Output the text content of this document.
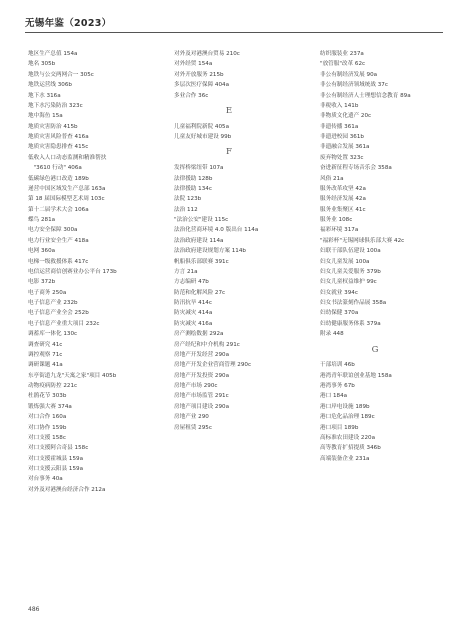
无锡年鉴（2023）
地区生产总值 154a
地名 305b
地铁与公交两网合一 305c
地铁运营线 306b
地下水 316a
地下水污染防治 323c
地中海鱼 15a
地质灾害防治 415b
地质灾害风险普查 416a
地质灾害隐患排查 415c
低收入人口动态监测和精准帮扶
　"3610 行动" 406a
低碳绿色港口改造 189b
递营中国区域发生产总部 163a
第 18 届国际模型艺术周 103c
第十二届学术大会 106a
蝶鸟 281a
电力安全保障 300a
电力行业安全生产 418a
电网 360a
电梯一级救援体系 417c
电信运营商信创赛业办公平台 173b
电影 372b
电子商务 250a
电子信息产业 232b
电子信息产业全会 252b
电子信息产业重大项目 232c
调蓄库一体化 130c
调查研究 41c
调控观察 71c
调研课题 41a
东亭街道九龙"天寓之家"项目 405b
动物疫病防控 221c
杜鹃花节 303b
锻炼强大赛 374a
对口合作 160a
对口协作 159b
对口支援 158c
对口支援阿合奇县 158c
对口支援霍城县 159a
对口支援云阳县 159a
对台事务 40a
对外及对港澳台经济合作 212a
对外及对港澳台贸易 210c
对外经贸 154a
对外开放服务 215b
多层次医疗保障 404a
多业合作 36c
E
儿童福利院新院 405a
儿童友好城市建设 99b
F
发挥桥梁纽带 107a
法律援助 128b
法律援助 134c
法院 123b
法治 112
"法治公安"建设 115c
法治化营商环境 4.0 版出台 114a
法治政府建设 114a
法治政府建设规划方案 114b
帆船俱乐部联赛 391c
方言 21a
方志编研 47b
防范和化解风险 27c
防汛抗旱 414c
防灾减灾 414a
防灾减灾 416a
房产测绘数据 292a
房产经纪和中介机构 291c
房地产开发经营 290a
房地产开发企业营商管理 290c
房地产开发投资 290a
房地产市场 290c
房地产市场监管 291c
房地产项目建设 290a
房地产业 290
房屋租赁 295c
纺织服装业 237a
"放管服"改革 62c
非公有制经济发展 90a
非公有制经济领域统战 37c
非公有制经济人士理想信念教育 89a
非税收入 141b
非物质文化遗产 20c
非遗传播 361a
非遗进校园 361b
非遗融合发展 361a
废弃物处置 323c
奋进新征程专场音乐会 358a
风俗 21a
服务改革攻坚 42a
服务经济发展 42a
服务业集聚区 41c
服务业 108c
福彩环境 317a
"福彩杯"无锡网球俱乐部大赛 42c
妇联干部队伍建设 100a
妇女儿童发展 100a
妇女儿童关爱服务 379b
妇女儿童权益维护 99c
妇女就业 394c
妇女书法篆刻作品展 358a
妇幼保健 370a
妇幼健康服务体系 379a
附录 448
G
干部培训 46b
港湾青年联谊创业基地 158a
港湾事务 67b
港口 184a
港口岸电设施 189b
港口危化品治理 189c
港口项目 189b
高标准农田建设 220a
高等教育扩招提质 346b
高端装备企业 231a
486
